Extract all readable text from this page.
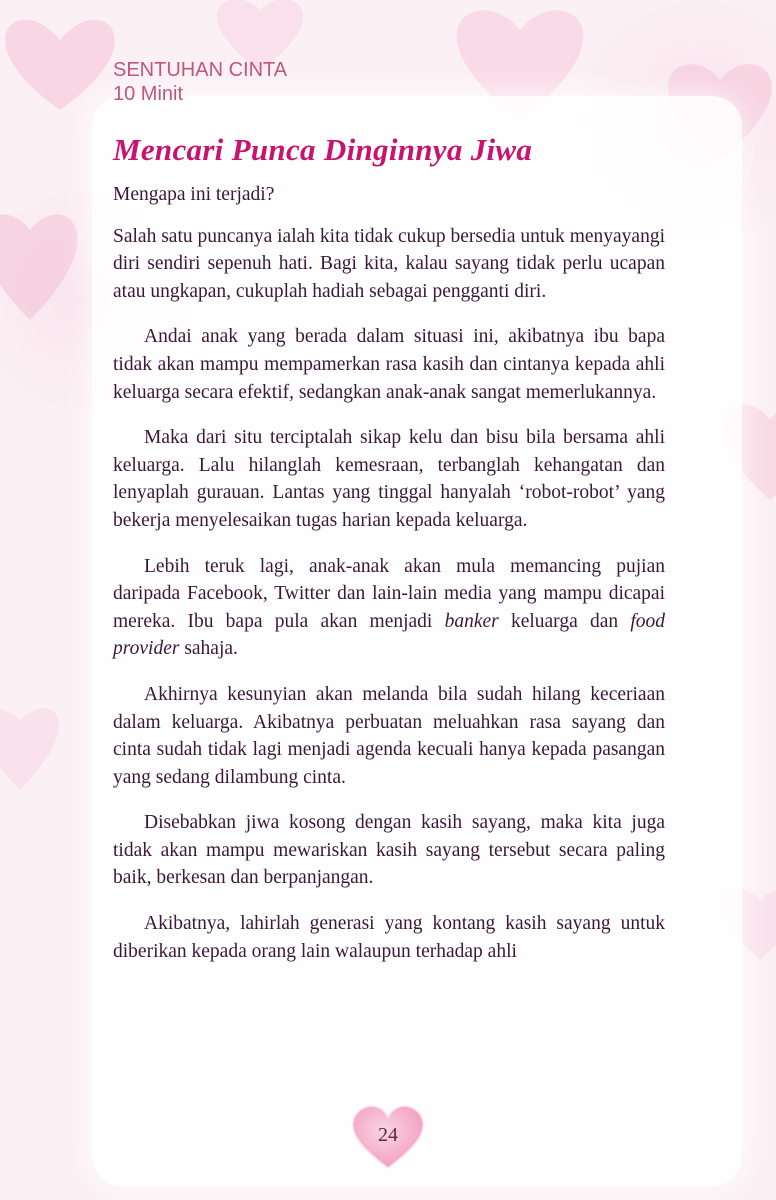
SENTUHAN CINTA
10 Minit
Mencari Punca Dinginnya Jiwa

Mengapa ini terjadi?

Salah satu puncanya ialah kita tidak cukup bersedia untuk menyayangi diri sendiri sepenuh hati. Bagi kita, kalau sayang tidak perlu ucapan atau ungkapan, cukuplah hadiah sebagai pengganti diri.

Andai anak yang berada dalam situasi ini, akibatnya ibu bapa tidak akan mampu mempamerkan rasa kasih dan cintanya kepada ahli keluarga secara efektif, sedangkan anak-anak sangat memerlukannya.

Maka dari situ terciptalah sikap kelu dan bisu bila bersama ahli keluarga. Lalu hilanglah kemesraan, terbanglah kehangatan dan lenyaplah gurauan. Lantas yang tinggal hanyalah ‘robot-robot’ yang bekerja menyelesaikan tugas harian kepada keluarga.

Lebih teruk lagi, anak-anak akan mula memancing pujian daripada Facebook, Twitter dan lain-lain media yang mampu dicapai mereka. Ibu bapa pula akan menjadi banker keluarga dan food provider sahaja.

Akhirnya kesunyian akan melanda bila sudah hilang keceriaan dalam keluarga. Akibatnya perbuatan meluahkan rasa sayang dan cinta sudah tidak lagi menjadi agenda kecuali hanya kepada pasangan yang sedang dilambung cinta.

Disebabkan jiwa kosong dengan kasih sayang, maka kita juga tidak akan mampu mewariskan kasih sayang tersebut secara paling baik, berkesan dan berpanjangan.

Akibatnya, lahirlah generasi yang kontang kasih sayang untuk diberikan kepada orang lain walaupun terhadap ahli

24
